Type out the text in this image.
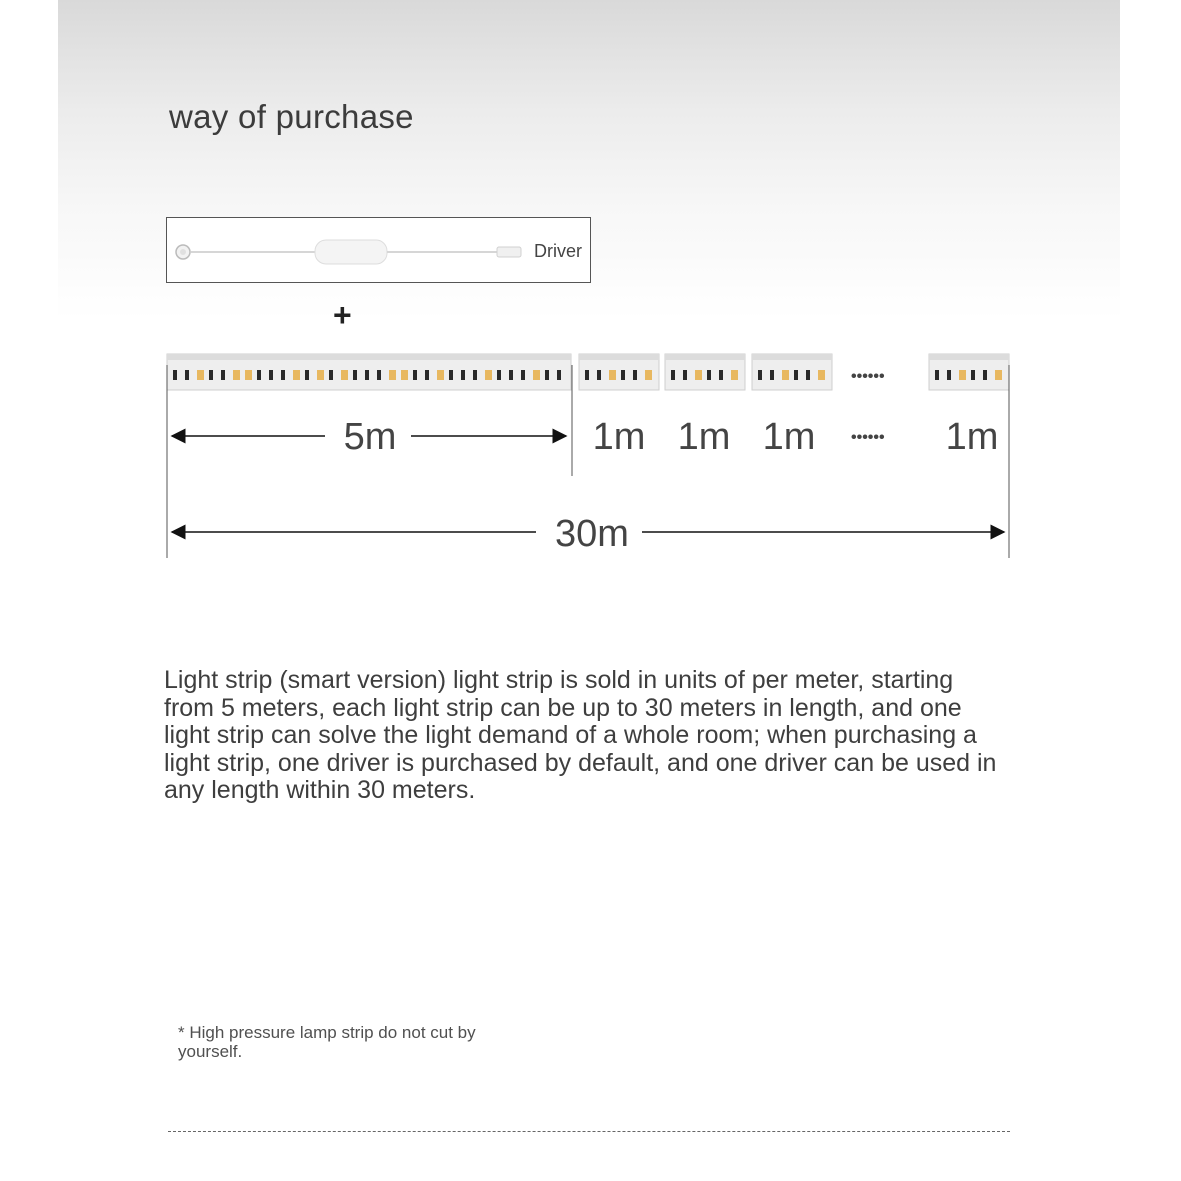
way of purchase
Driver
+
••••••
5m	1m 1m 1m •••••• 1m
30m
Light strip (smart version) light strip is sold in units of per meter, starting from 5 meters, each light strip can be up to 30 meters in length, and one light strip can solve the light demand of a whole room; when purchasing a light strip, one driver is purchased by default, and one driver can be used in any length within 30 meters.
* High pressure lamp strip do not cut by yourself.
